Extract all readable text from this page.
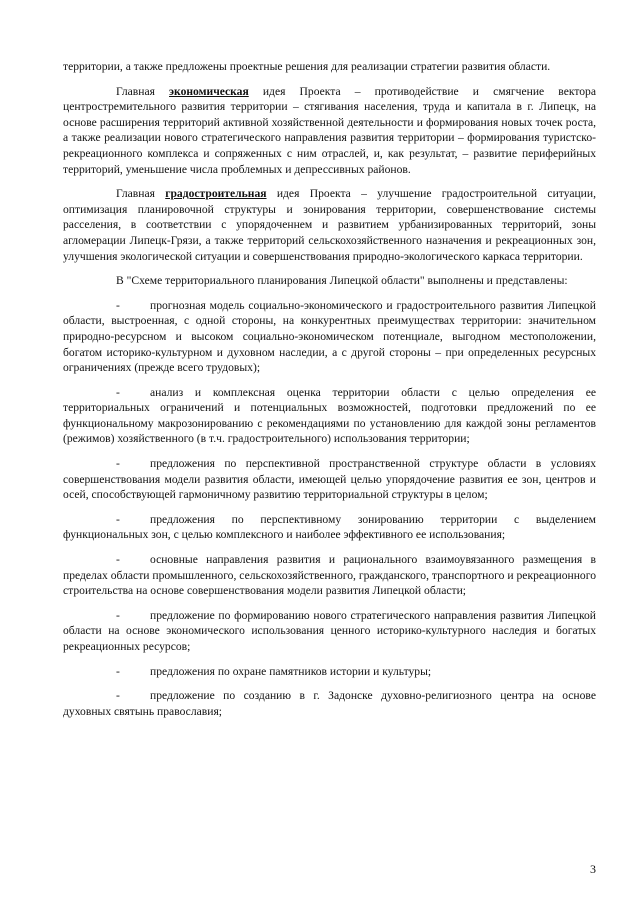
территории, а также предложены проектные решения для реализации стратегии развития области.

Главная экономическая идея Проекта – противодействие и смягчение вектора центростремительного развития территории – стягивания населения, труда и капитала в г. Липецк, на основе расширения территорий активной хозяйственной деятельности и формирования новых точек роста, а также реализации нового стратегического направления развития территории – формирования туристско-рекреационного комплекса и сопряженных с ним отраслей, и, как результат, – развитие периферийных территорий, уменьшение числа проблемных и депрессивных районов.

Главная градостроительная идея Проекта – улучшение градостроительной ситуации, оптимизация планировочной структуры и зонирования территории, совершенствование системы расселения, в соответствии с упорядоченнем и развитием урбанизированных территорий, зоны агломерации Липецк-Грязи, а также территорий сельскохозяйственного назначения и рекреационных зон, улучшения экологической ситуации и совершенствования природно-экологического каркаса территории.

В "Схеме территориального планирования Липецкой области" выполнены и представлены:

-	прогнозная модель социально-экономического и градостроительного развития Липецкой области, выстроенная, с одной стороны, на конкурентных преимуществах территории: значительном природно-ресурсном и высоком социально-экономическом потенциале, выгодном местоположении, богатом историко-культурном и духовном наследии, а с другой стороны – при определенных ресурсных ограничениях (прежде всего трудовых);

-	анализ и комплексная оценка территории области с целью определения ее территориальных ограничений и потенциальных возможностей, подготовки предложений по ее функциональному макрозонированию с рекомендациями по установлению для каждой зоны регламентов (режимов) хозяйственного (в т.ч. градостроительного) использования территории;

-	предложения по перспективной пространственной структуре области в условиях совершенствования модели развития области, имеющей целью упорядочение развития ее зон, центров и осей, способствующей гармоничному развитию территориальной структуры в целом;

-	предложения по перспективному зонированию территории с выделением функциональных зон, с целью комплексного и наиболее эффективного ее использования;

-	основные направления развития и рационального взаимоувязанного размещения в пределах области промышленного, сельскохозяйственного, гражданского, транспортного и рекреационного строительства на основе совершенствования модели развития Липецкой области;

-	предложение по формированию нового стратегического направления развития Липецкой области на основе экономического использования ценного историко-культурного наследия и богатых рекреационных ресурсов;

-	предложения по охране памятников истории и культуры;

-	предложение по созданию в г. Задонске духовно-религиозного центра на основе духовных святынь православия;

3
